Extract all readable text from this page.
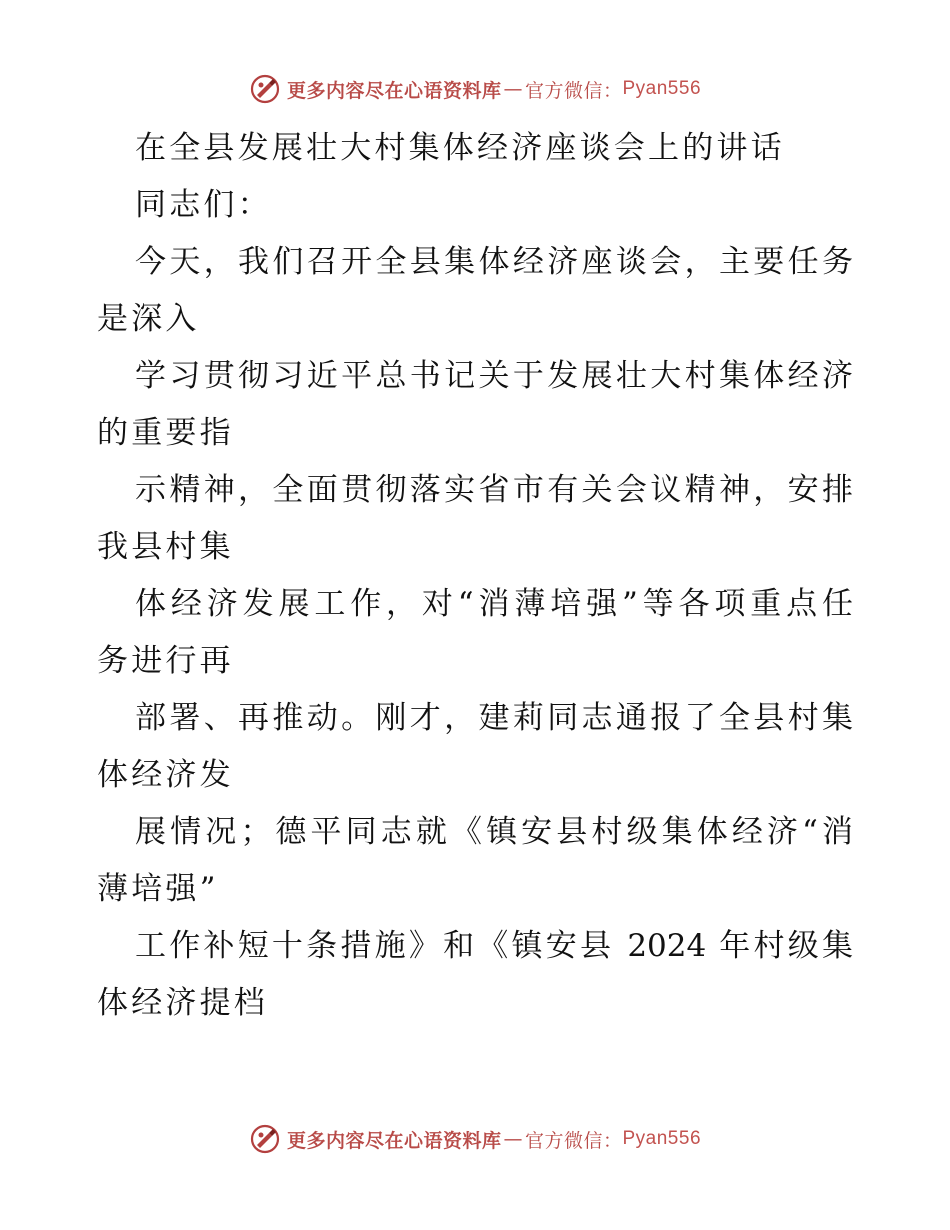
更多内容尽在心语资料库 — 官方微信： Pyan556
在全县发展壮大村集体经济座谈会上的讲话
同志们：
今天，我们召开全县集体经济座谈会，主要任务
是深入
学习贯彻习近平总书记关于发展壮大村集体经济
的重要指
示精神，全面贯彻落实省市有关会议精神，安排
我县村集
体经济发展工作，对“消薄培强”等各项重点任
务进行再
部署、再推动。刚才，建莉同志通报了全县村集
体经济发
展情况；德平同志就《镇安县村级集体经济“消
薄培强”
工作补短十条措施》和《镇安县 2024 年村级集
体经济提档
更多内容尽在心语资料库 — 官方微信： Pyan556
